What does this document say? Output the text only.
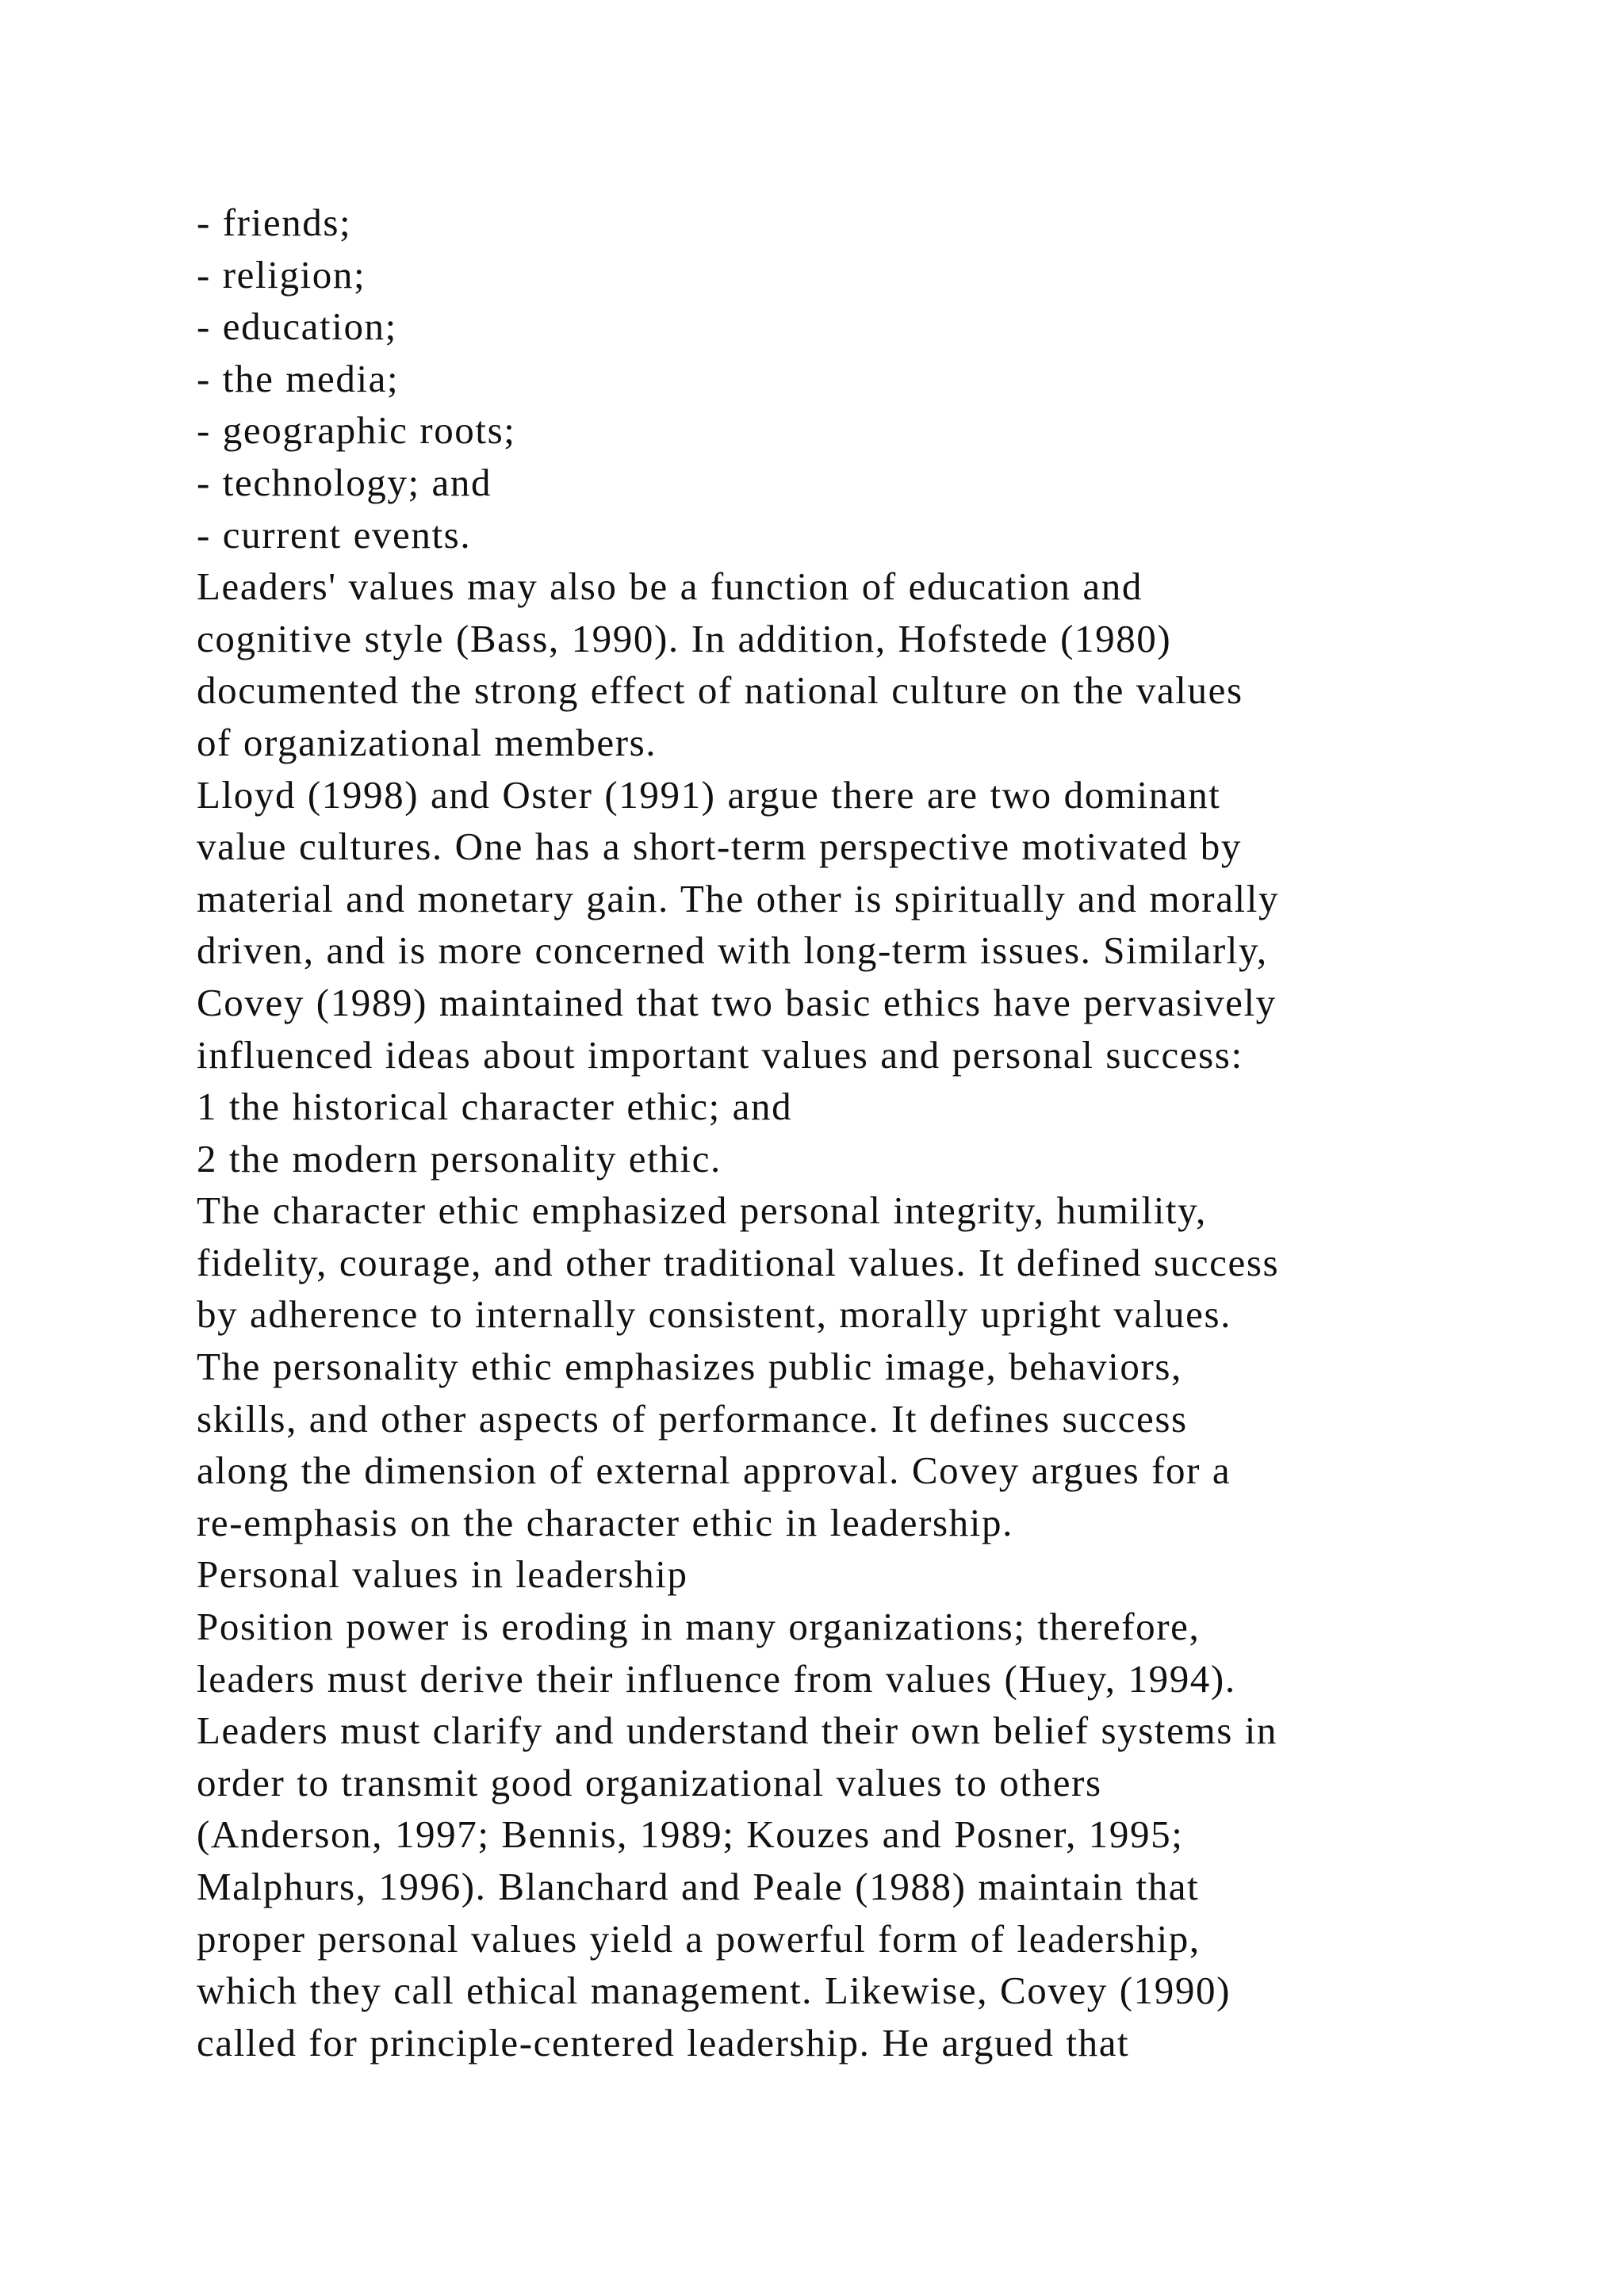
- friends;
- religion;
- education;
- the media;
- geographic roots;
- technology; and
- current events.
Leaders' values may also be a function of education and
cognitive style (Bass, 1990). In addition, Hofstede (1980)
documented the strong effect of national culture on the values
of organizational members.
Lloyd (1998) and Oster (1991) argue there are two dominant
value cultures. One has a short-term perspective motivated by
material and monetary gain. The other is spiritually and morally
driven, and is more concerned with long-term issues. Similarly,
Covey (1989) maintained that two basic ethics have pervasively
influenced ideas about important values and personal success:
1 the historical character ethic; and
2 the modern personality ethic.
The character ethic emphasized personal integrity, humility,
fidelity, courage, and other traditional values. It defined success
by adherence to internally consistent, morally upright values.
The personality ethic emphasizes public image, behaviors,
skills, and other aspects of performance. It defines success
along the dimension of external approval. Covey argues for a
re-emphasis on the character ethic in leadership.
Personal values in leadership
Position power is eroding in many organizations; therefore,
leaders must derive their influence from values (Huey, 1994).
Leaders must clarify and understand their own belief systems in
order to transmit good organizational values to others
(Anderson, 1997; Bennis, 1989; Kouzes and Posner, 1995;
Malphurs, 1996). Blanchard and Peale (1988) maintain that
proper personal values yield a powerful form of leadership,
which they call ethical management. Likewise, Covey (1990)
called for principle-centered leadership. He argued that
